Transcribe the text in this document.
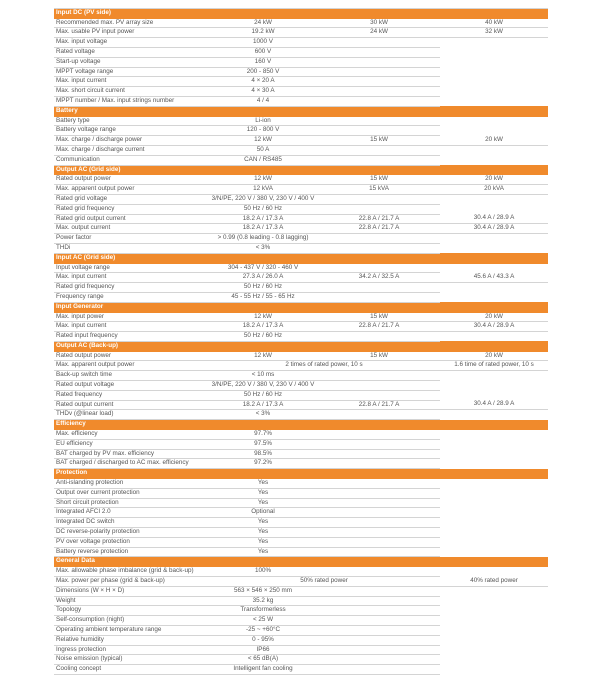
Input DC (PV side)			
Recommended max. PV array size	24 kW	30 kW	40 kW
Max. usable PV input power	19.2 kW	24 kW	32 kW
Max. input voltage	1000 V		
Rated voltage	600 V		
Start-up voltage	160 V		
MPPT voltage range	200 - 850 V		
Max. input current	4 × 20 A		
Max. short circuit current	4 × 30 A		
MPPT number / Max. input strings number	4 / 4		
Battery			
Battery type	Li-ion		
Battery voltage range	120 - 800 V		
Max. charge / discharge power	12 kW	15 kW	20 kW
Max. charge / discharge current	50 A		
Communication	CAN / RS485		
Output AC (Grid side)			
Rated output power	12 kW	15 kW	20 kW
Max. apparent output power	12 kVA	15 kVA	20 kVA
Rated grid voltage	3/N/PE, 220 V / 380 V, 230 V / 400 V		
Rated grid frequency	50 Hz / 60 Hz		
Rated grid output current	18.2 A / 17.3 A	22.8 A / 21.7 A	30.4 A / 28.9 A
Max. output current	18.2 A / 17.3 A	22.8 A / 21.7 A	30.4 A / 28.9 A
Power factor	> 0.99 (0.8 leading - 0.8 lagging)		
THDi	< 3%		
Input AC (Grid side)			
Input voltage range	304 - 437 V / 320 - 460 V		
Max. input current	27.3 A / 26.0 A	34.2 A / 32.5 A	45.6 A / 43.3 A
Rated grid frequency	50 Hz / 60 Hz		
Frequency range	45 - 55 Hz / 55 - 65 Hz		
Input Generator			
Max. input power	12 kW	15 kW	20 kW
Max. input current	18.2 A / 17.3 A	22.8 A / 21.7 A	30.4 A / 28.9 A
Rated input frequency	50 Hz / 60 Hz		
Output AC (Back-up)			
Rated output power	12 kW	15 kW	20 kW
Max. apparent output power	2 times of rated power, 10 s		1.6 time of rated power, 10 s
Back-up switch time	< 10 ms		
Rated output voltage	3/N/PE, 220 V / 380 V, 230 V / 400 V		
Rated frequency	50 Hz / 60 Hz		
Rated output current	18.2 A / 17.3 A	22.8 A / 21.7 A	30.4 A / 28.9 A
THDv (@linear load)	< 3%		
Efficiency			
Max. efficiency	97.7%		
EU efficiency	97.5%		
BAT charged by PV max. efficiency	98.5%		
BAT charged / discharged to AC max. efficiency	97.2%		
Protection			
Anti-islanding protection	Yes		
Output over current protection	Yes		
Short circuit protection	Yes		
Integrated AFCI 2.0	Optional		
Integrated DC switch	Yes		
DC reverse-polarity protection	Yes		
PV over voltage protection	Yes		
Battery reverse protection	Yes		
General Data			
Max. allowable phase imbalance (grid & back-up)	100%		
Max. power per phase (grid & back-up)	50% rated power		40% rated power
Dimensions (W × H × D)	563 × 546 × 250 mm		
Weight	35.2 kg		
Topology	Transformerless		
Self-consumption (night)	< 25 W		
Operating ambient temperature range	-25 ~ +60°C		
Relative humidity	0 - 95%		
Ingress protection	IP66		
Noise emission (typical)	< 65 dB(A)		
Cooling concept	Intelligent fan cooling		
